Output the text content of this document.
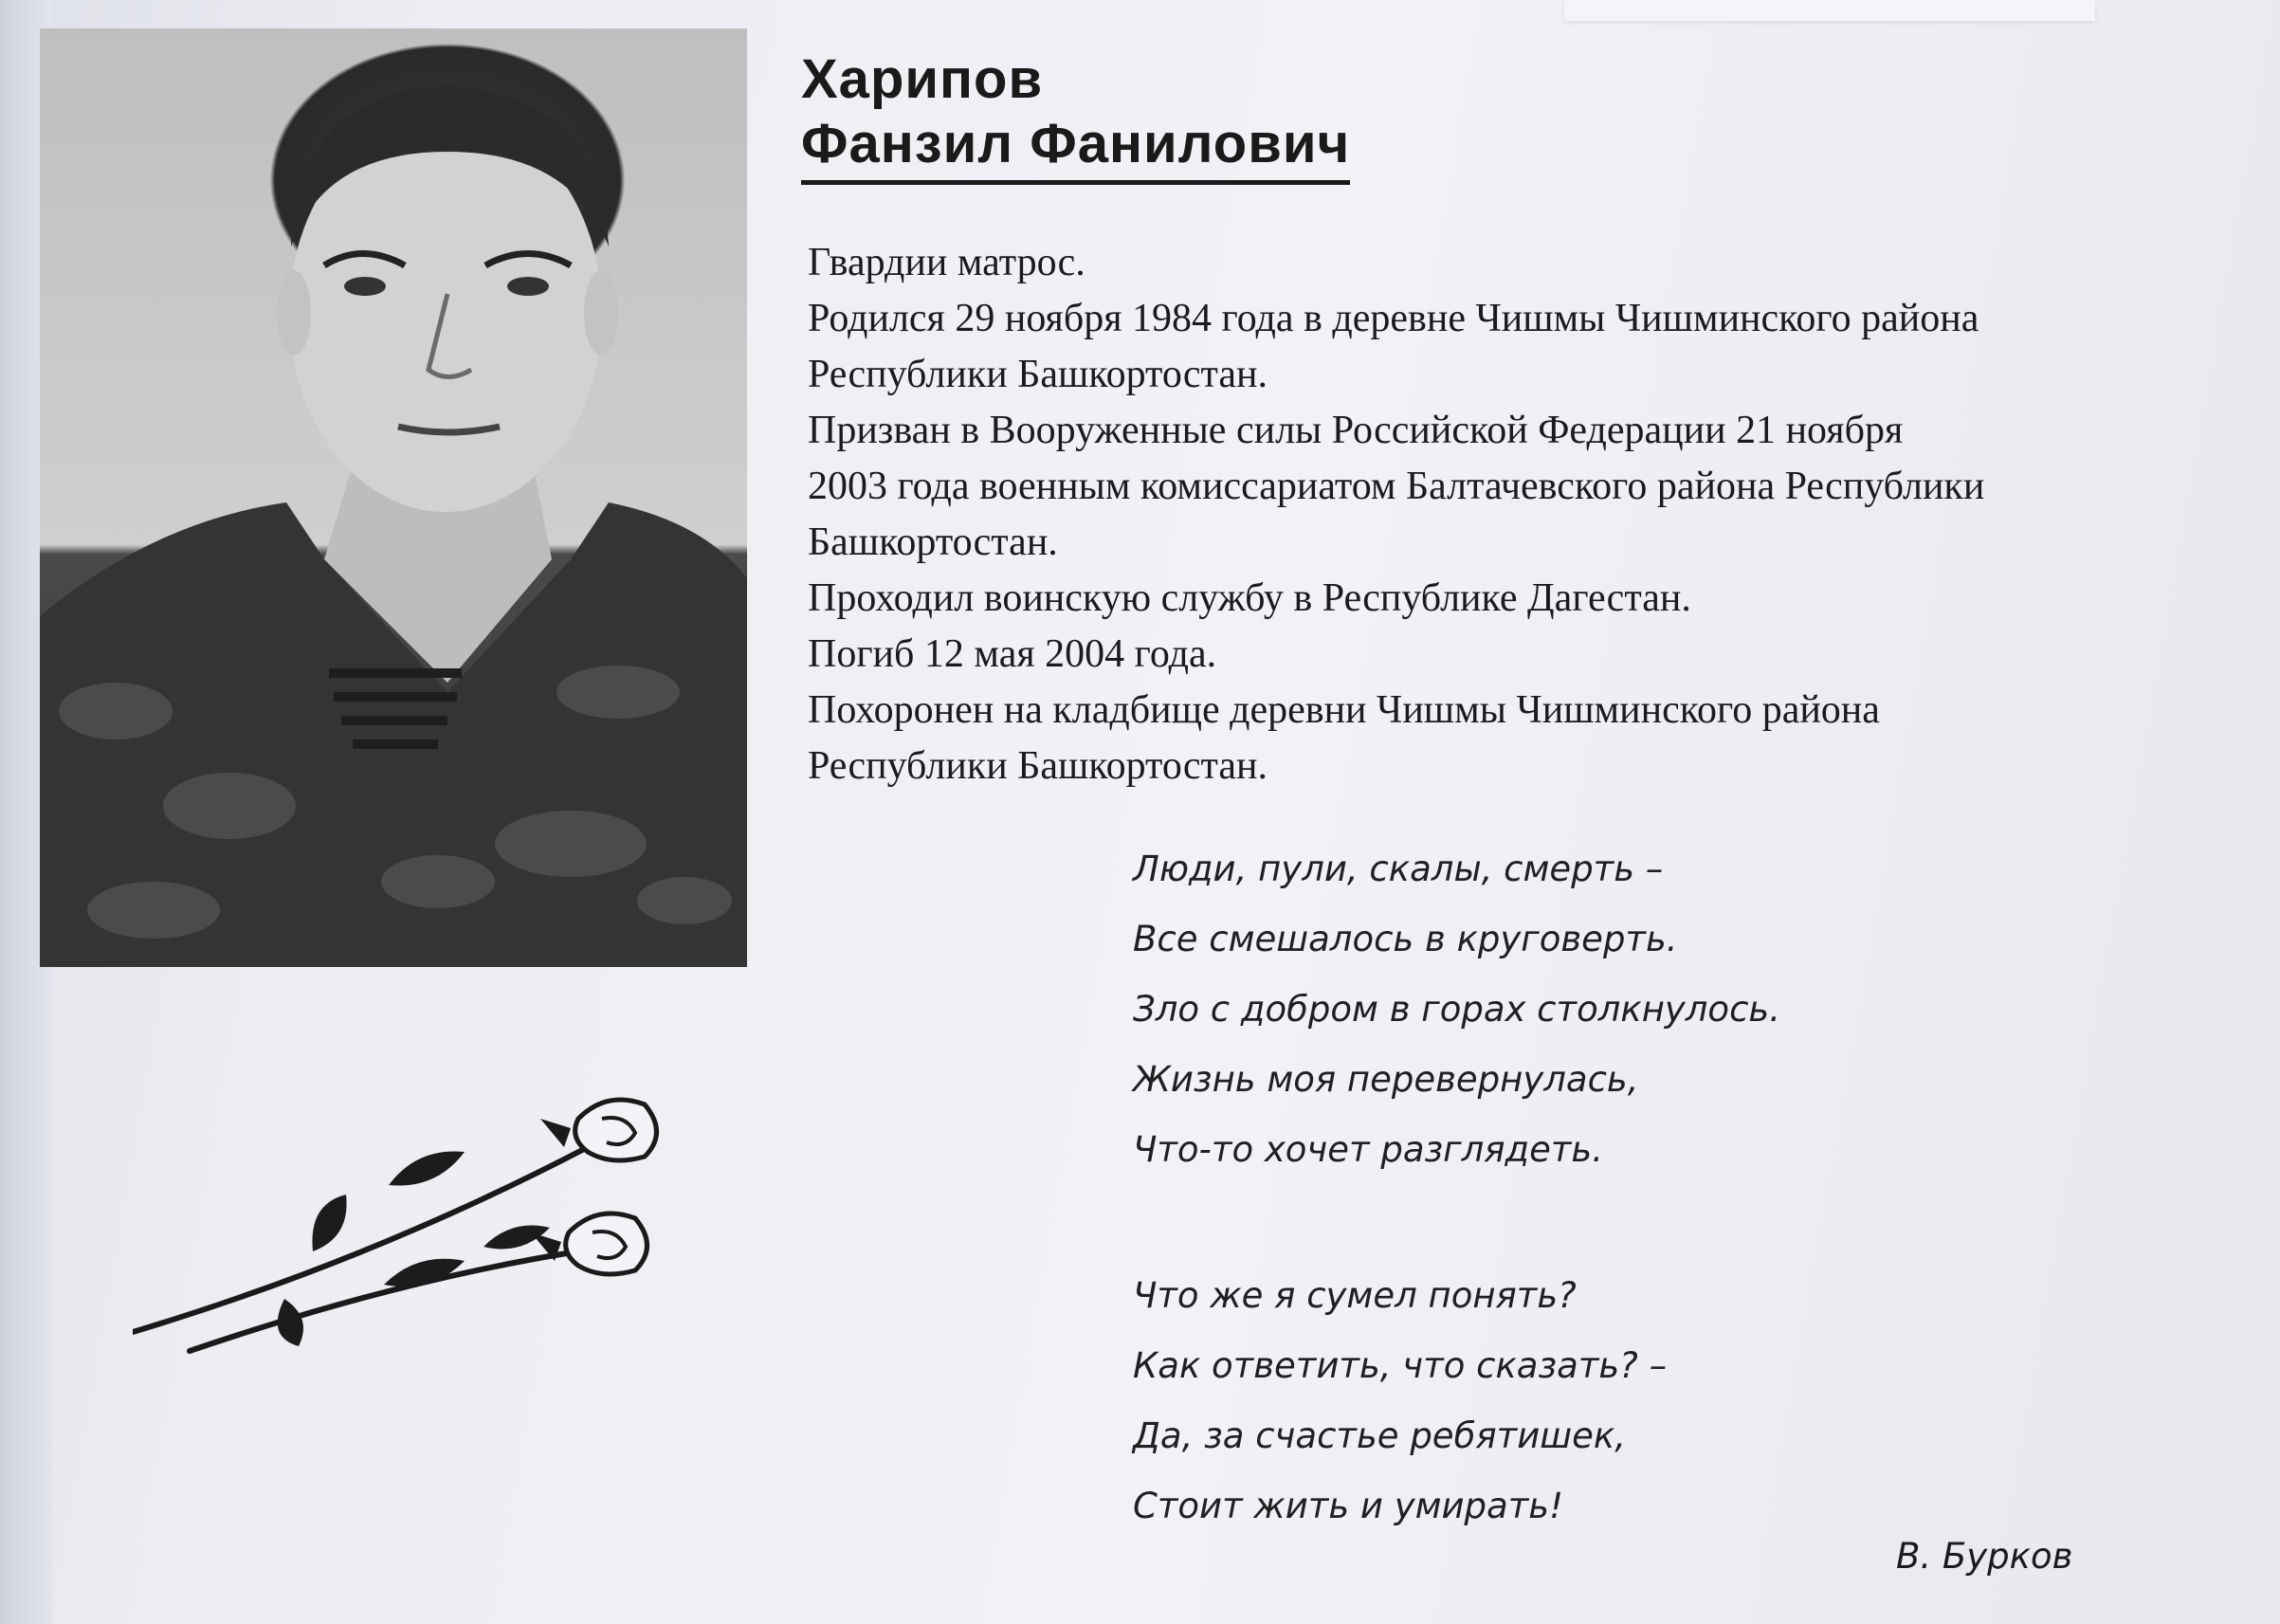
Харипов
Фанзил Фанилович
Гвардии матрос.
Родился 29 ноября 1984 года в деревне Чишмы Чишминского района
Республики Башкортостан.
Призван в Вооруженные силы Российской Федерации 21 ноября
2003 года военным комиссариатом Балтачевского района Республики
Башкортостан.
Проходил воинскую службу в Республике Дагестан.
Погиб 12 мая 2004 года.
Похоронен на кладбище деревни Чишмы Чишминского района
Республики Башкортостан.
Люди, пули, скалы, смерть –
Все смешалось в круговерть.
Зло с добром в горах столкнулось.
Жизнь моя перевернулась,
Что-то хочет разглядеть.
Что же я сумел понять?
Как ответить, что сказать? –
Да, за счастье ребятишек,
Стоит жить и умирать!
В. Бурков
